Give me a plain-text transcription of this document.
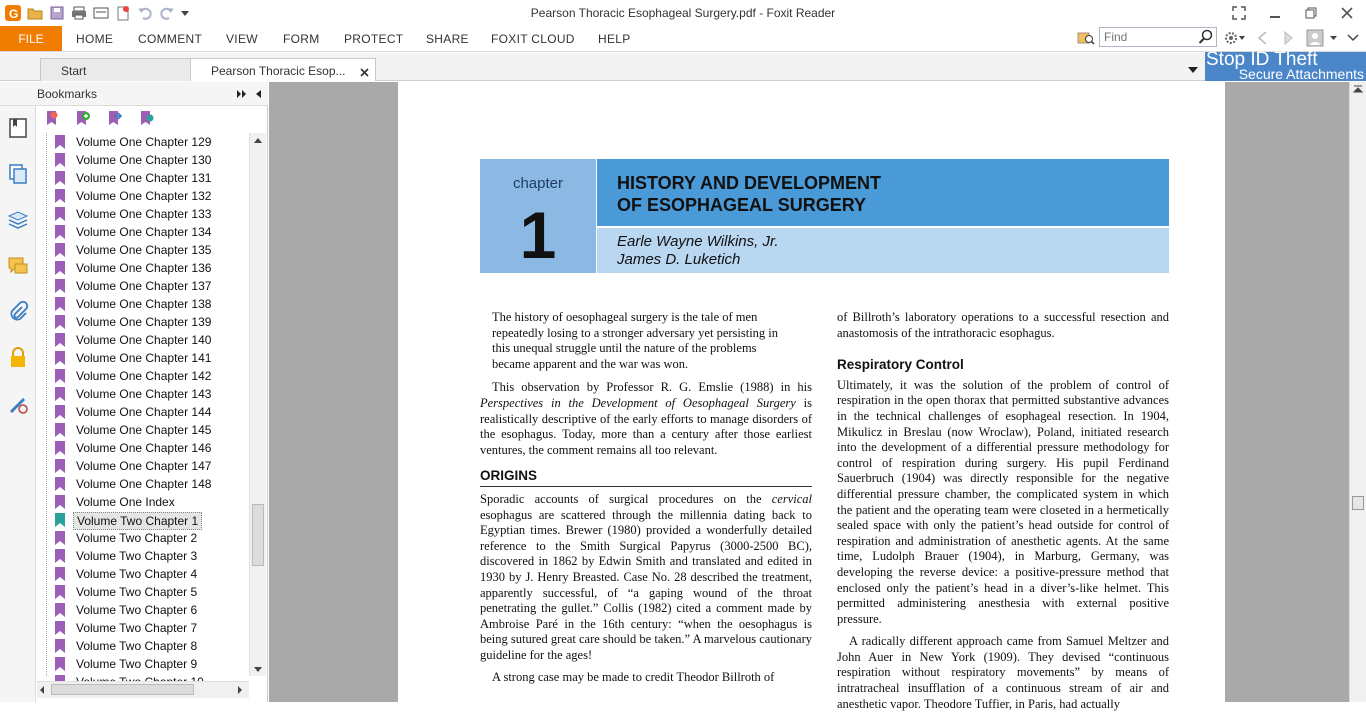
G	Pearson Thoracic Esophageal Surgery.pdf - Foxit Reader
FILE	HOME COMMENT VIEW FORM PROTECT SHARE FOXIT CLOUD HELP
Find
Start	Pearson Thoracic Esop...
Stop ID Theft
Secure Attachments
Bookmarks
Volume One Chapter 129
Volume One Chapter 130
Volume One Chapter 131
Volume One Chapter 132
Volume One Chapter 133
Volume One Chapter 134
Volume One Chapter 135
Volume One Chapter 136
Volume One Chapter 137
Volume One Chapter 138
Volume One Chapter 139
Volume One Chapter 140
Volume One Chapter 141
Volume One Chapter 142
Volume One Chapter 143
Volume One Chapter 144
Volume One Chapter 145
Volume One Chapter 146
Volume One Chapter 147
Volume One Chapter 148
Volume One Index
Volume Two Chapter 1
Volume Two Chapter 2
Volume Two Chapter 3
Volume Two Chapter 4
Volume Two Chapter 5
Volume Two Chapter 6
Volume Two Chapter 7
Volume Two Chapter 8
Volume Two Chapter 9
chapter
1
HISTORY AND DEVELOPMENT
OF ESOPHAGEAL SURGERY
Earle Wayne Wilkins, Jr.
James D. Luketich

The history of oesophageal surgery is the tale of men repeatedly losing to a stronger adversary yet persisting in this unequal struggle until the nature of the problems became apparent and the war was won.

This observation by Professor R. G. Emslie (1988) in his Perspectives in the Development of Oesophageal Surgery is realistically descriptive of the early efforts to manage disorders of the esophagus. Today, more than a century after those earliest ventures, the comment remains all too relevant.

ORIGINS

Sporadic accounts of surgical procedures on the cervical esophagus are scattered through the millennia dating back to Egyptian times. Brewer (1980) provided a wonderfully detailed reference to the Smith Surgical Papyrus (3000-2500 BC), discovered in 1862 by Edwin Smith and translated and edited in 1930 by J. Henry Breasted. Case No. 28 described the treatment, apparently successful, of “a gaping wound of the throat penetrating the gullet.” Collis (1982) cited a comment made by Ambroise Paré in the 16th century: “when the oesophagus is being sutured great care should be taken.” A marvelous cautionary guideline for the ages!

A strong case may be made to credit Theodor Billroth of

of Billroth’s laboratory operations to a successful resection and anastomosis of the intrathoracic esophagus.

Respiratory Control

Ultimately, it was the solution of the problem of control of respiration in the open thorax that permitted substantive advances in the technical challenges of esophageal resection. In 1904, Mikulicz in Breslau (now Wroclaw), Poland, initiated research into the development of a differential pressure methodology for control of respiration during surgery. His pupil Ferdinand Sauerbruch (1904) was directly responsible for the negative differential pressure chamber, the complicated system in which the patient and the operating team were closeted in a hermetically sealed space with only the patient’s head outside for control of respiration and administration of anesthetic agents. At the same time, Ludolph Brauer (1904), in Marburg, Germany, was developing the reverse device: a positive-pressure method that enclosed only the patient’s head in a diver’s-like helmet. This permitted administering anesthesia with external positive pressure.

A radically different approach came from Samuel Meltzer and John Auer in New York (1909). They devised “continuous respiration without respiratory movements” by means of intratracheal insufflation of a continuous stream of air and anesthetic vapor. Theodore Tuffier, in Paris, had actually
